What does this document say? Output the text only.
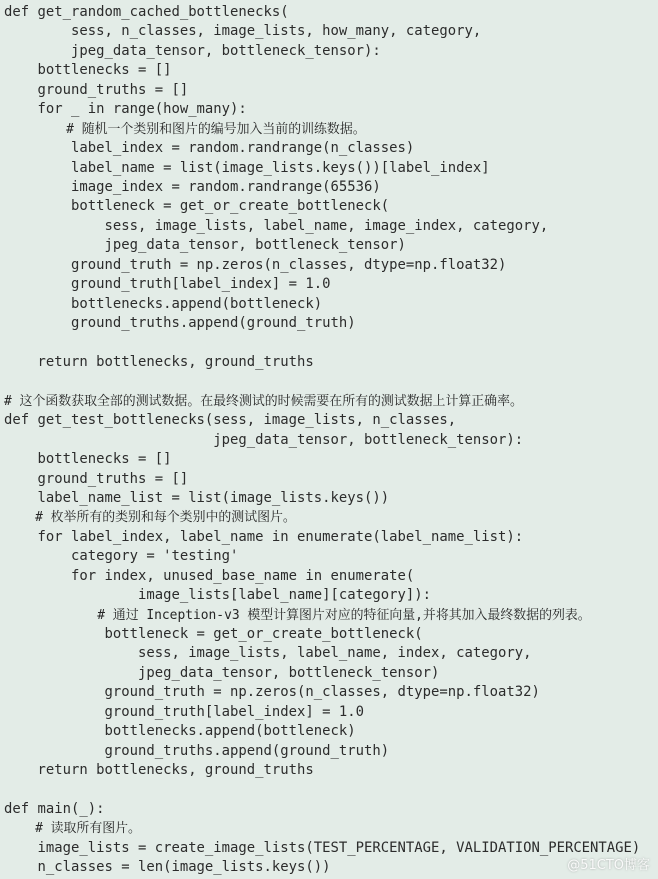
def get_random_cached_bottlenecks(
sess, n_classes, image_lists, how_many, category,
jpeg_data_tensor, bottleneck_tensor):
bottlenecks = []
ground_truths = []
for _ in range(how_many):
# 随机一个类别和图片的编号加入当前的训练数据。
label_index = random.randrange(n_classes)
label_name = list(image_lists.keys())[label_index]
image_index = random.randrange(65536)
bottleneck = get_or_create_bottleneck(
sess, image_lists, label_name, image_index, category,
jpeg_data_tensor, bottleneck_tensor)
ground_truth = np.zeros(n_classes, dtype=np.float32)
ground_truth[label_index] = 1.0
bottlenecks.append(bottleneck)
ground_truths.append(ground_truth)
return bottlenecks, ground_truths
# 这个函数获取全部的测试数据。在最终测试的时候需要在所有的测试数据上计算正确率。
def get_test_bottlenecks(sess, image_lists, n_classes,
jpeg_data_tensor, bottleneck_tensor):
bottlenecks = []
ground_truths = []
label_name_list = list(image_lists.keys())
# 枚举所有的类别和每个类别中的测试图片。
for label_index, label_name in enumerate(label_name_list):
category = 'testing'
for index, unused_base_name in enumerate(
image_lists[label_name][category]):
# 通过 Inception-v3 模型计算图片对应的特征向量,并将其加入最终数据的列表。
bottleneck = get_or_create_bottleneck(
sess, image_lists, label_name, index, category,
jpeg_data_tensor, bottleneck_tensor)
ground_truth = np.zeros(n_classes, dtype=np.float32)
ground_truth[label_index] = 1.0
bottlenecks.append(bottleneck)
ground_truths.append(ground_truth)
return bottlenecks, ground_truths
def main(_):
# 读取所有图片。
image_lists = create_image_lists(TEST_PERCENTAGE, VALIDATION_PERCENTAGE)
n_classes = len(image_lists.keys())	@51CTO博客
